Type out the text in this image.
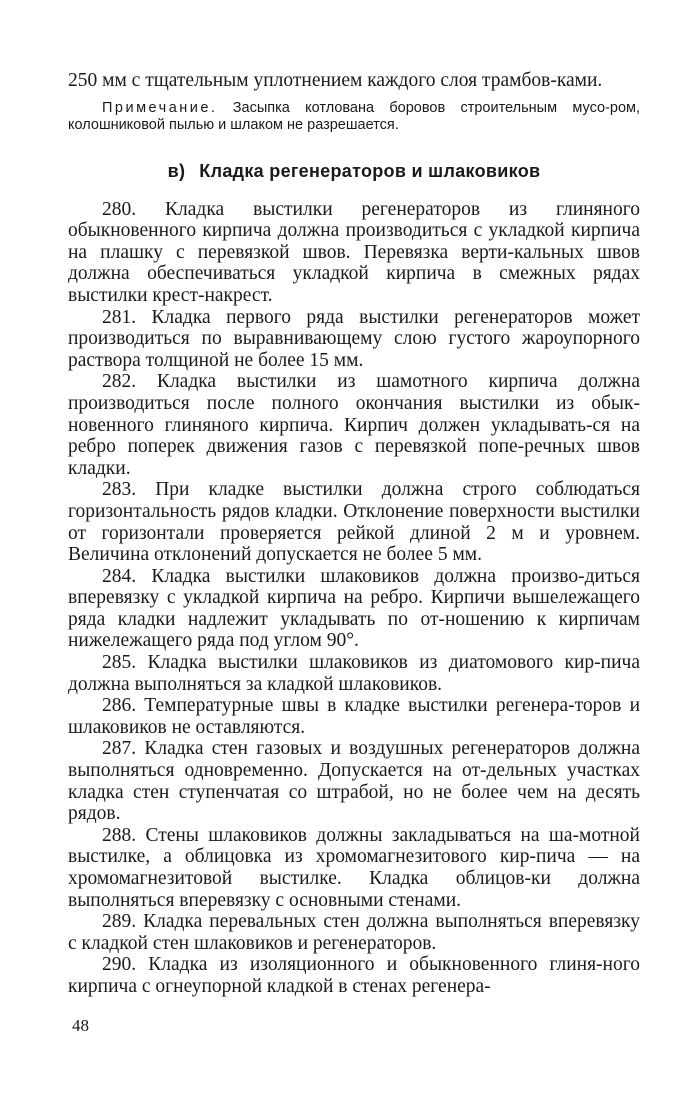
250 мм с тщательным уплотнением каждого слоя трамбов-ками.

Примечание. Засыпка котлована боровов строительным мусо-ром, колошниковой пылью и шлаком не разрешается.

в) Кладка регенераторов и шлаковиков

280. Кладка выстилки регенераторов из глиняного обыкновенного кирпича должна производиться с укладкой кирпича на плашку с перевязкой швов. Перевязка верти-кальных швов должна обеспечиваться укладкой кирпича в смежных рядах выстилки крест-накрест.

281. Кладка первого ряда выстилки регенераторов может производиться по выравнивающему слою густого жароупорного раствора толщиной не более 15 мм.

282. Кладка выстилки из шамотного кирпича должна производиться после полного окончания выстилки из обык-новенного глиняного кирпича. Кирпич должен укладывать-ся на ребро поперек движения газов с перевязкой попе-речных швов кладки.

283. При кладке выстилки должна строго соблюдаться горизонтальность рядов кладки. Отклонение поверхности выстилки от горизонтали проверяется рейкой длиной 2 м и уровнем. Величина отклонений допускается не более 5 мм.

284. Кладка выстилки шлаковиков должна произво-диться вперевязку с укладкой кирпича на ребро. Кирпичи вышележащего ряда кладки надлежит укладывать по от-ношению к кирпичам нижележащего ряда под углом 90°.

285. Кладка выстилки шлаковиков из диатомового кир-пича должна выполняться за кладкой шлаковиков.

286. Температурные швы в кладке выстилки регенера-торов и шлаковиков не оставляются.

287. Кладка стен газовых и воздушных регенераторов должна выполняться одновременно. Допускается на от-дельных участках кладка стен ступенчатая со штрабой, но не более чем на десять рядов.

288. Стены шлаковиков должны закладываться на ша-мотной выстилке, а облицовка из хромомагнезитового кир-пича — на хромомагнезитовой выстилке. Кладка облицов-ки должна выполняться вперевязку с основными стенами.

289. Кладка перевальных стен должна выполняться вперевязку с кладкой стен шлаковиков и регенераторов.

290. Кладка из изоляционного и обыкновенного глиня-ного кирпича с огнеупорной кладкой в стенах регенера-

48
